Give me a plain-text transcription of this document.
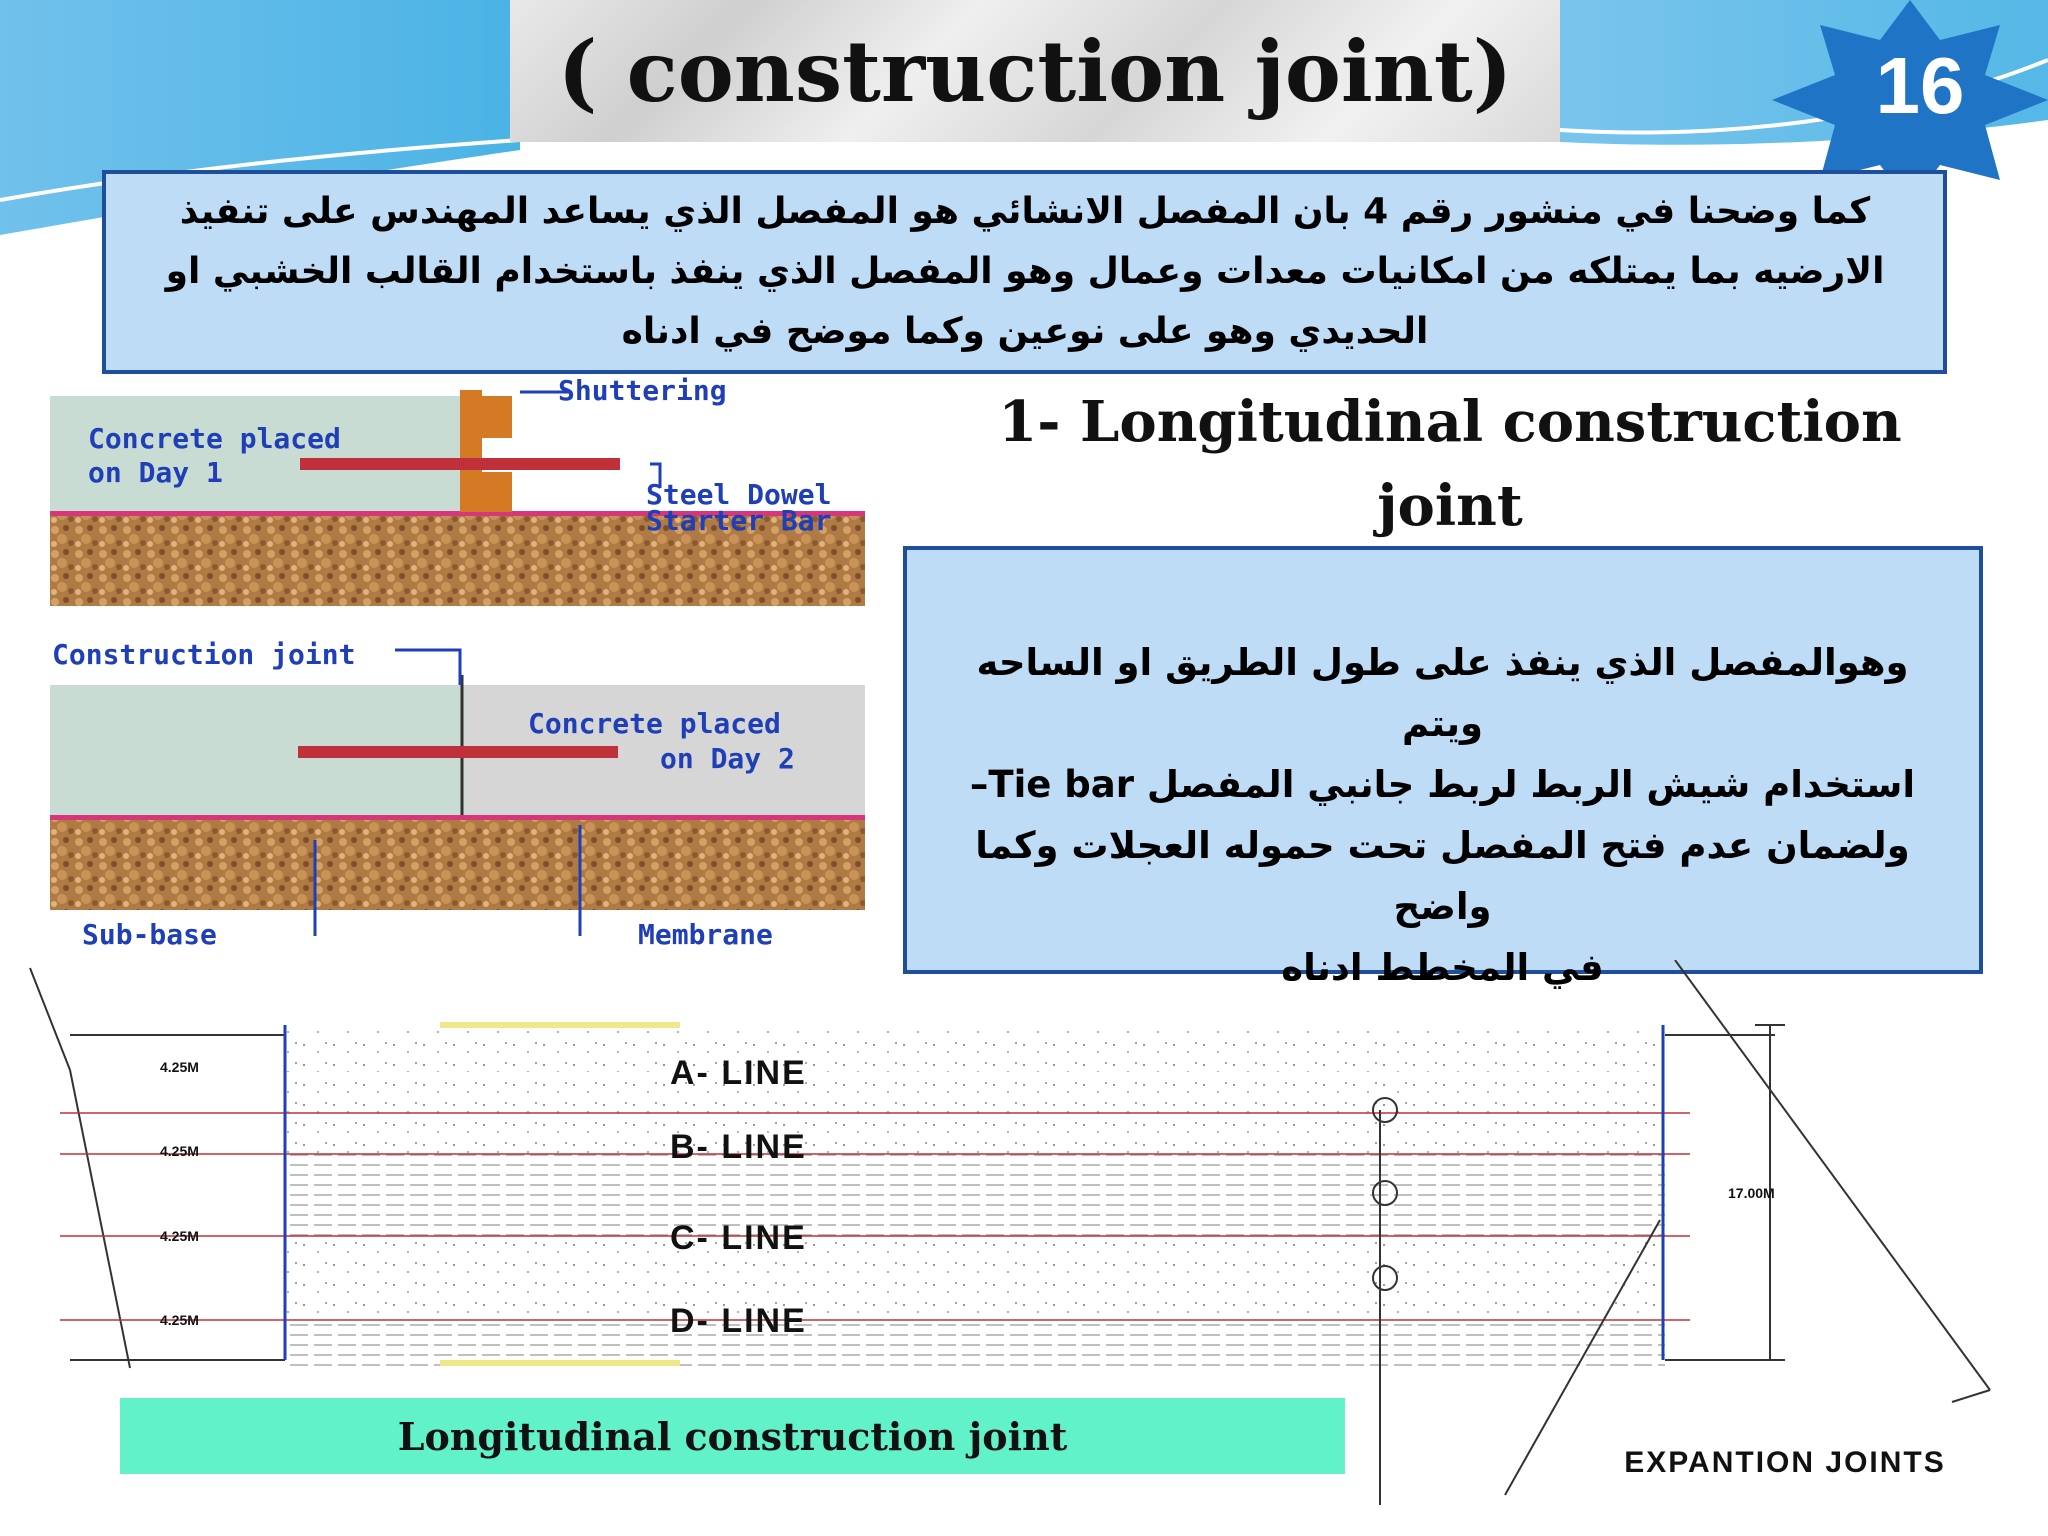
( construction joint)	16
كما وضحنا في منشور رقم 4 بان المفصل الانشائي هو المفصل الذي يساعد المهندس على تنفيذ الارضيه بما يمتلكه من امكانيات معدات وعمال وهو المفصل الذي ينفذ باستخدام القالب الخشبي او الحديدي وهو على نوعين وكما موضح في ادناه
Shuttering
Concrete placed
on Day 1
Steel Dowel
Starter Bar
Construction joint
Concrete placed
on Day 2
Sub-base	Membrane
1- Longitudinal construction joint
وهوالمفصل الذي ينفذ على طول الطريق او الساحه ويتم
استخدام شيش الربط لربط جانبي المفصل Tie bar–
ولضمان عدم فتح المفصل تحت حموله العجلات وكما واضح
في المخطط ادناه
A- LINE
B- LINE
C- LINE
D- LINE
4.25M
4.25M
4.25M
4.25M
17.00M
Longitudinal construction joint
EXPANTION JOINTS
